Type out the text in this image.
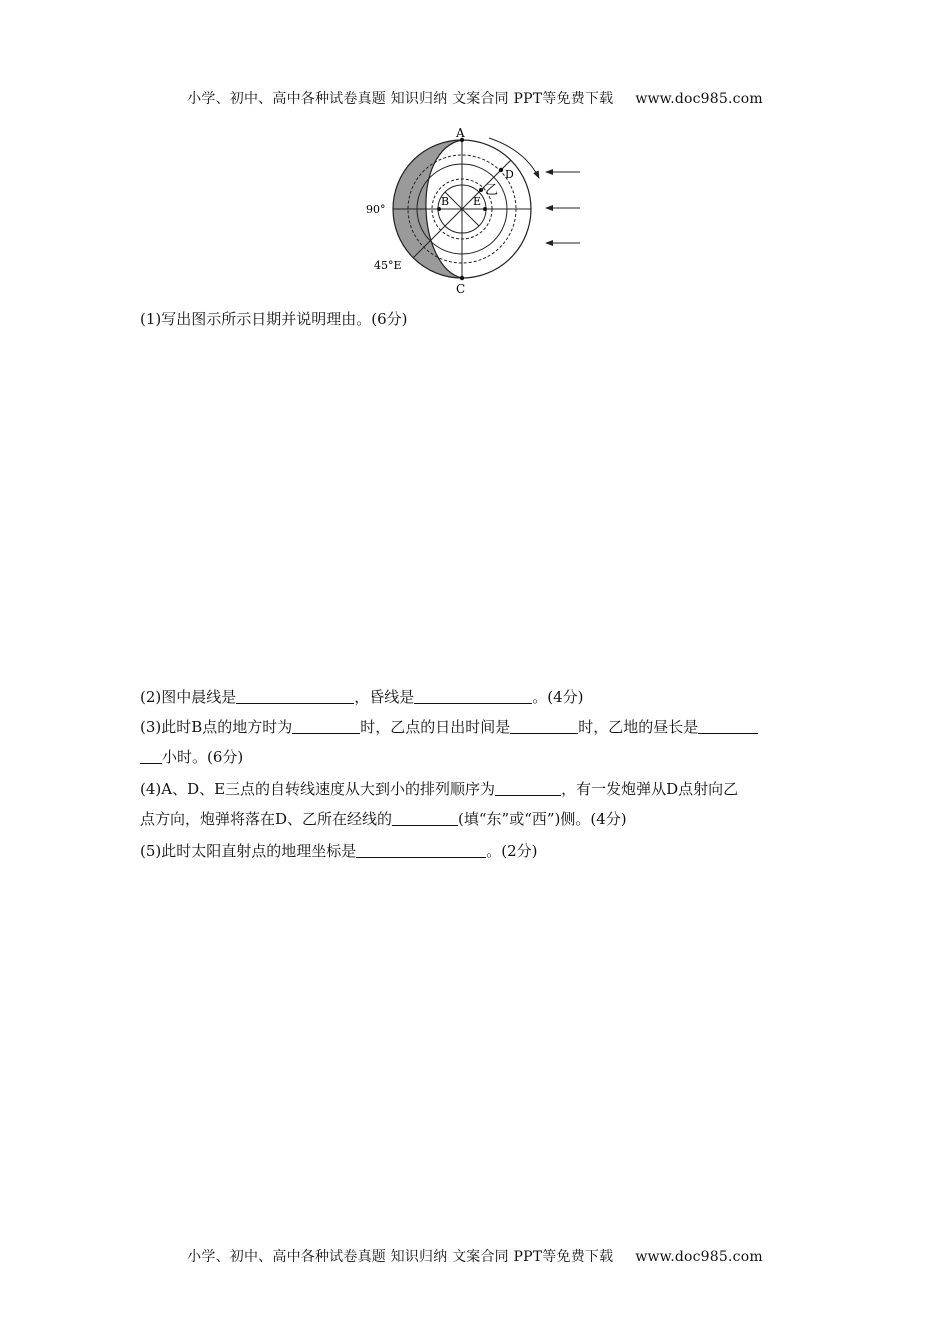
小学、初中、高中各种试卷真题 知识归纳 文案合同 PPT等免费下载 www.doc985.com
A
C
B E
D
乙
90°
45°E
(1)写出图示所示日期并说明理由。(6分)
(2)图中晨线是	，昏线是	。(4分)
(3)此时B点的地方时为	时，乙点的日出时间是	时，乙地的昼长是
小时。(6分)
(4)A、D、E三点的自转线速度从大到小的排列顺序为	，有一发炮弹从D点射向乙
点方向，炮弹将落在D、乙所在经线的	(填“东”或“西”)侧。(4分)
(5)此时太阳直射点的地理坐标是	。(2分)
小学、初中、高中各种试卷真题 知识归纳 文案合同 PPT等免费下载 www.doc985.com
